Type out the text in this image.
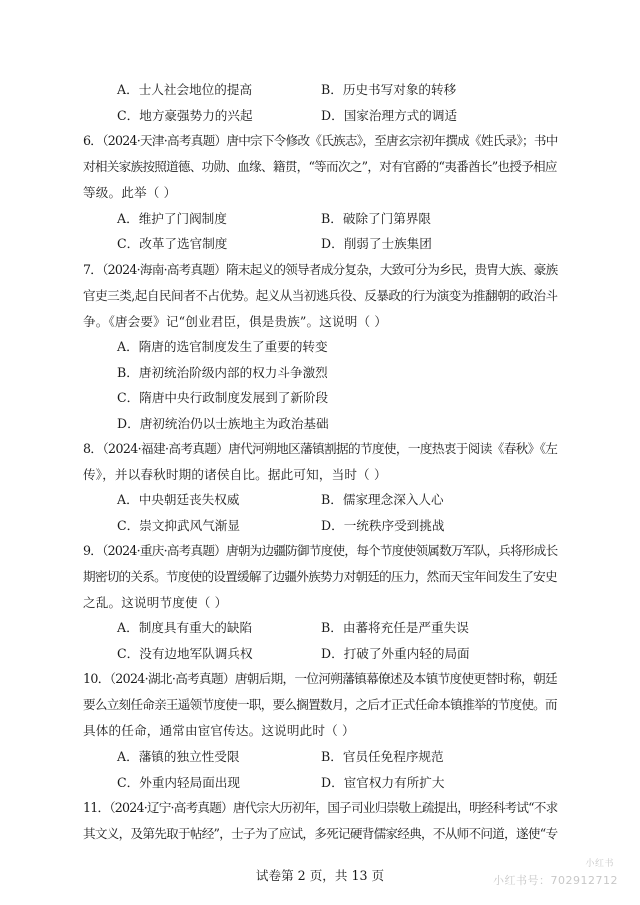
A．士人社会地位的提高	B．历史书写对象的转移
C．地方豪强势力的兴起	D．国家治理方式的调适
6．（2024·天津·高考真题）唐中宗下令修改《氏族志》，至唐玄宗初年撰成《姓氏录》；书中
对相关家族按照道德、功勋、血缘、籍贯，“等而次之”，对有官爵的“夷番酋长”也授予相应
等级。此举（ ）
A．维护了门阀制度	B．破除了门第界限
C．改革了选官制度	D．削弱了士族集团
7．（2024·海南·高考真题）隋末起义的领导者成分复杂，大致可分为乡民，贵胄大族、豪族
官吏三类,起自民间者不占优势。起义从当初逃兵役、反暴政的行为演变为推翻朝的政治斗
争。《唐会要》记“创业君臣，俱是贵族”。这说明（ ）
A．隋唐的选官制度发生了重要的转变
B．唐初统治阶级内部的权力斗争激烈
C．隋唐中央行政制度发展到了新阶段
D．唐初统治仍以士族地主为政治基础
8．（2024·福建·高考真题）唐代河朔地区藩镇割据的节度使，一度热衷于阅读《春秋》《左
传》，并以春秋时期的诸侯自比。据此可知，当时（ ）
A．中央朝廷丧失权威	B．儒家理念深入人心
C．崇文抑武风气渐显	D．一统秩序受到挑战
9．（2024·重庆·高考真题）唐朝为边疆防御节度使，每个节度使领属数万军队，兵将形成长
期密切的关系。节度使的设置缓解了边疆外族势力对朝廷的压力，然而天宝年间发生了安史
之乱。这说明节度使（ ）
A．制度具有重大的缺陷	B．由蕃将充任是严重失误
C．没有边地军队调兵权	D．打破了外重内轻的局面
10．（2024·湖北·高考真题）唐朝后期，一位河朔藩镇幕僚述及本镇节度使更替时称，朝廷
要么立刻任命亲王遥领节度使一职，要么搁置数月，之后才正式任命本镇推举的节度使。而
具体的任命，通常由宦官传达。这说明此时（ ）
A．藩镇的独立性受限	B．官员任免程序规范
C．外重内轻局面出现	D．宦官权力有所扩大
11．（2024·辽宁·高考真题）唐代宗大历初年，国子司业归崇敬上疏提出，明经科考试“不求
其文义，及第先取于帖经”，士子为了应试，多死记硬背儒家经典，不从师不问道，遂使“专
试卷第 2 页，共 13 页
小红书
小红书号：702912712
